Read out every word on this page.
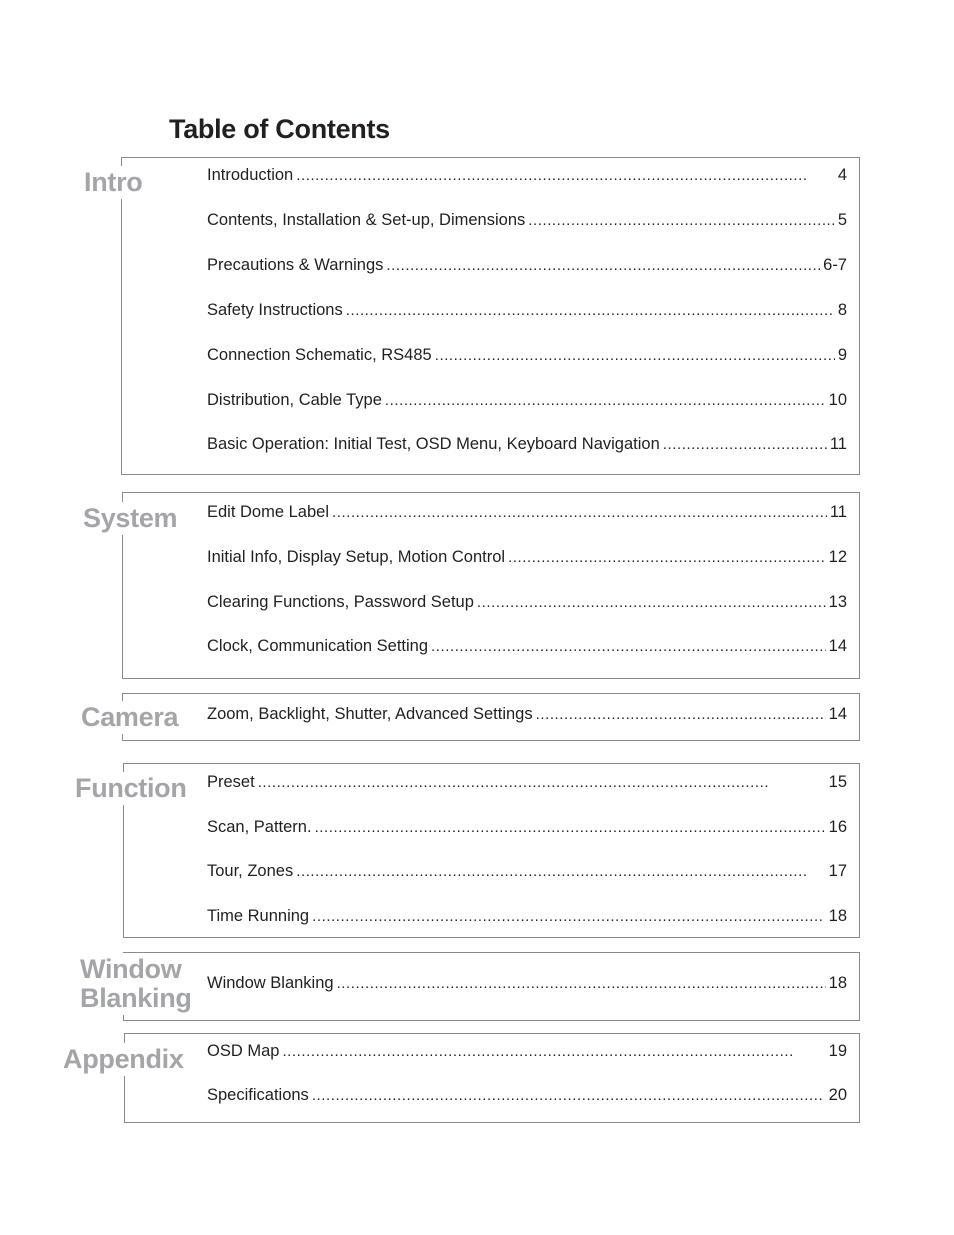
Table of Contents
Intro	Introduction . . .	4
Contents, Installation & Set-up, Dimensions . . .	5
Precautions & Warnings . . .	6-7
Safety Instructions . . .	8
Connection Schematic, RS485 . . .	9
Distribution, Cable Type . . .	10
Basic Operation: Initial Test, OSD Menu, Keyboard Navigation . . .	11
System Edit Dome Label . . .	11
Initial Info, Display Setup, Motion Control . . .	12
Clearing Functions, Password Setup . . .	13
Clock, Communication Setting . . .	14
Camera Zoom, Backlight, Shutter, Advanced Settings . . .	14
Function Preset . . .	15
Scan, Pattern. . . .	16
Tour, Zones . . .	17
Time Running . . .	18
Window
Blanking Window Blanking . . .	18
Appendix OSD Map . . .	19
Specifications . . .	20
